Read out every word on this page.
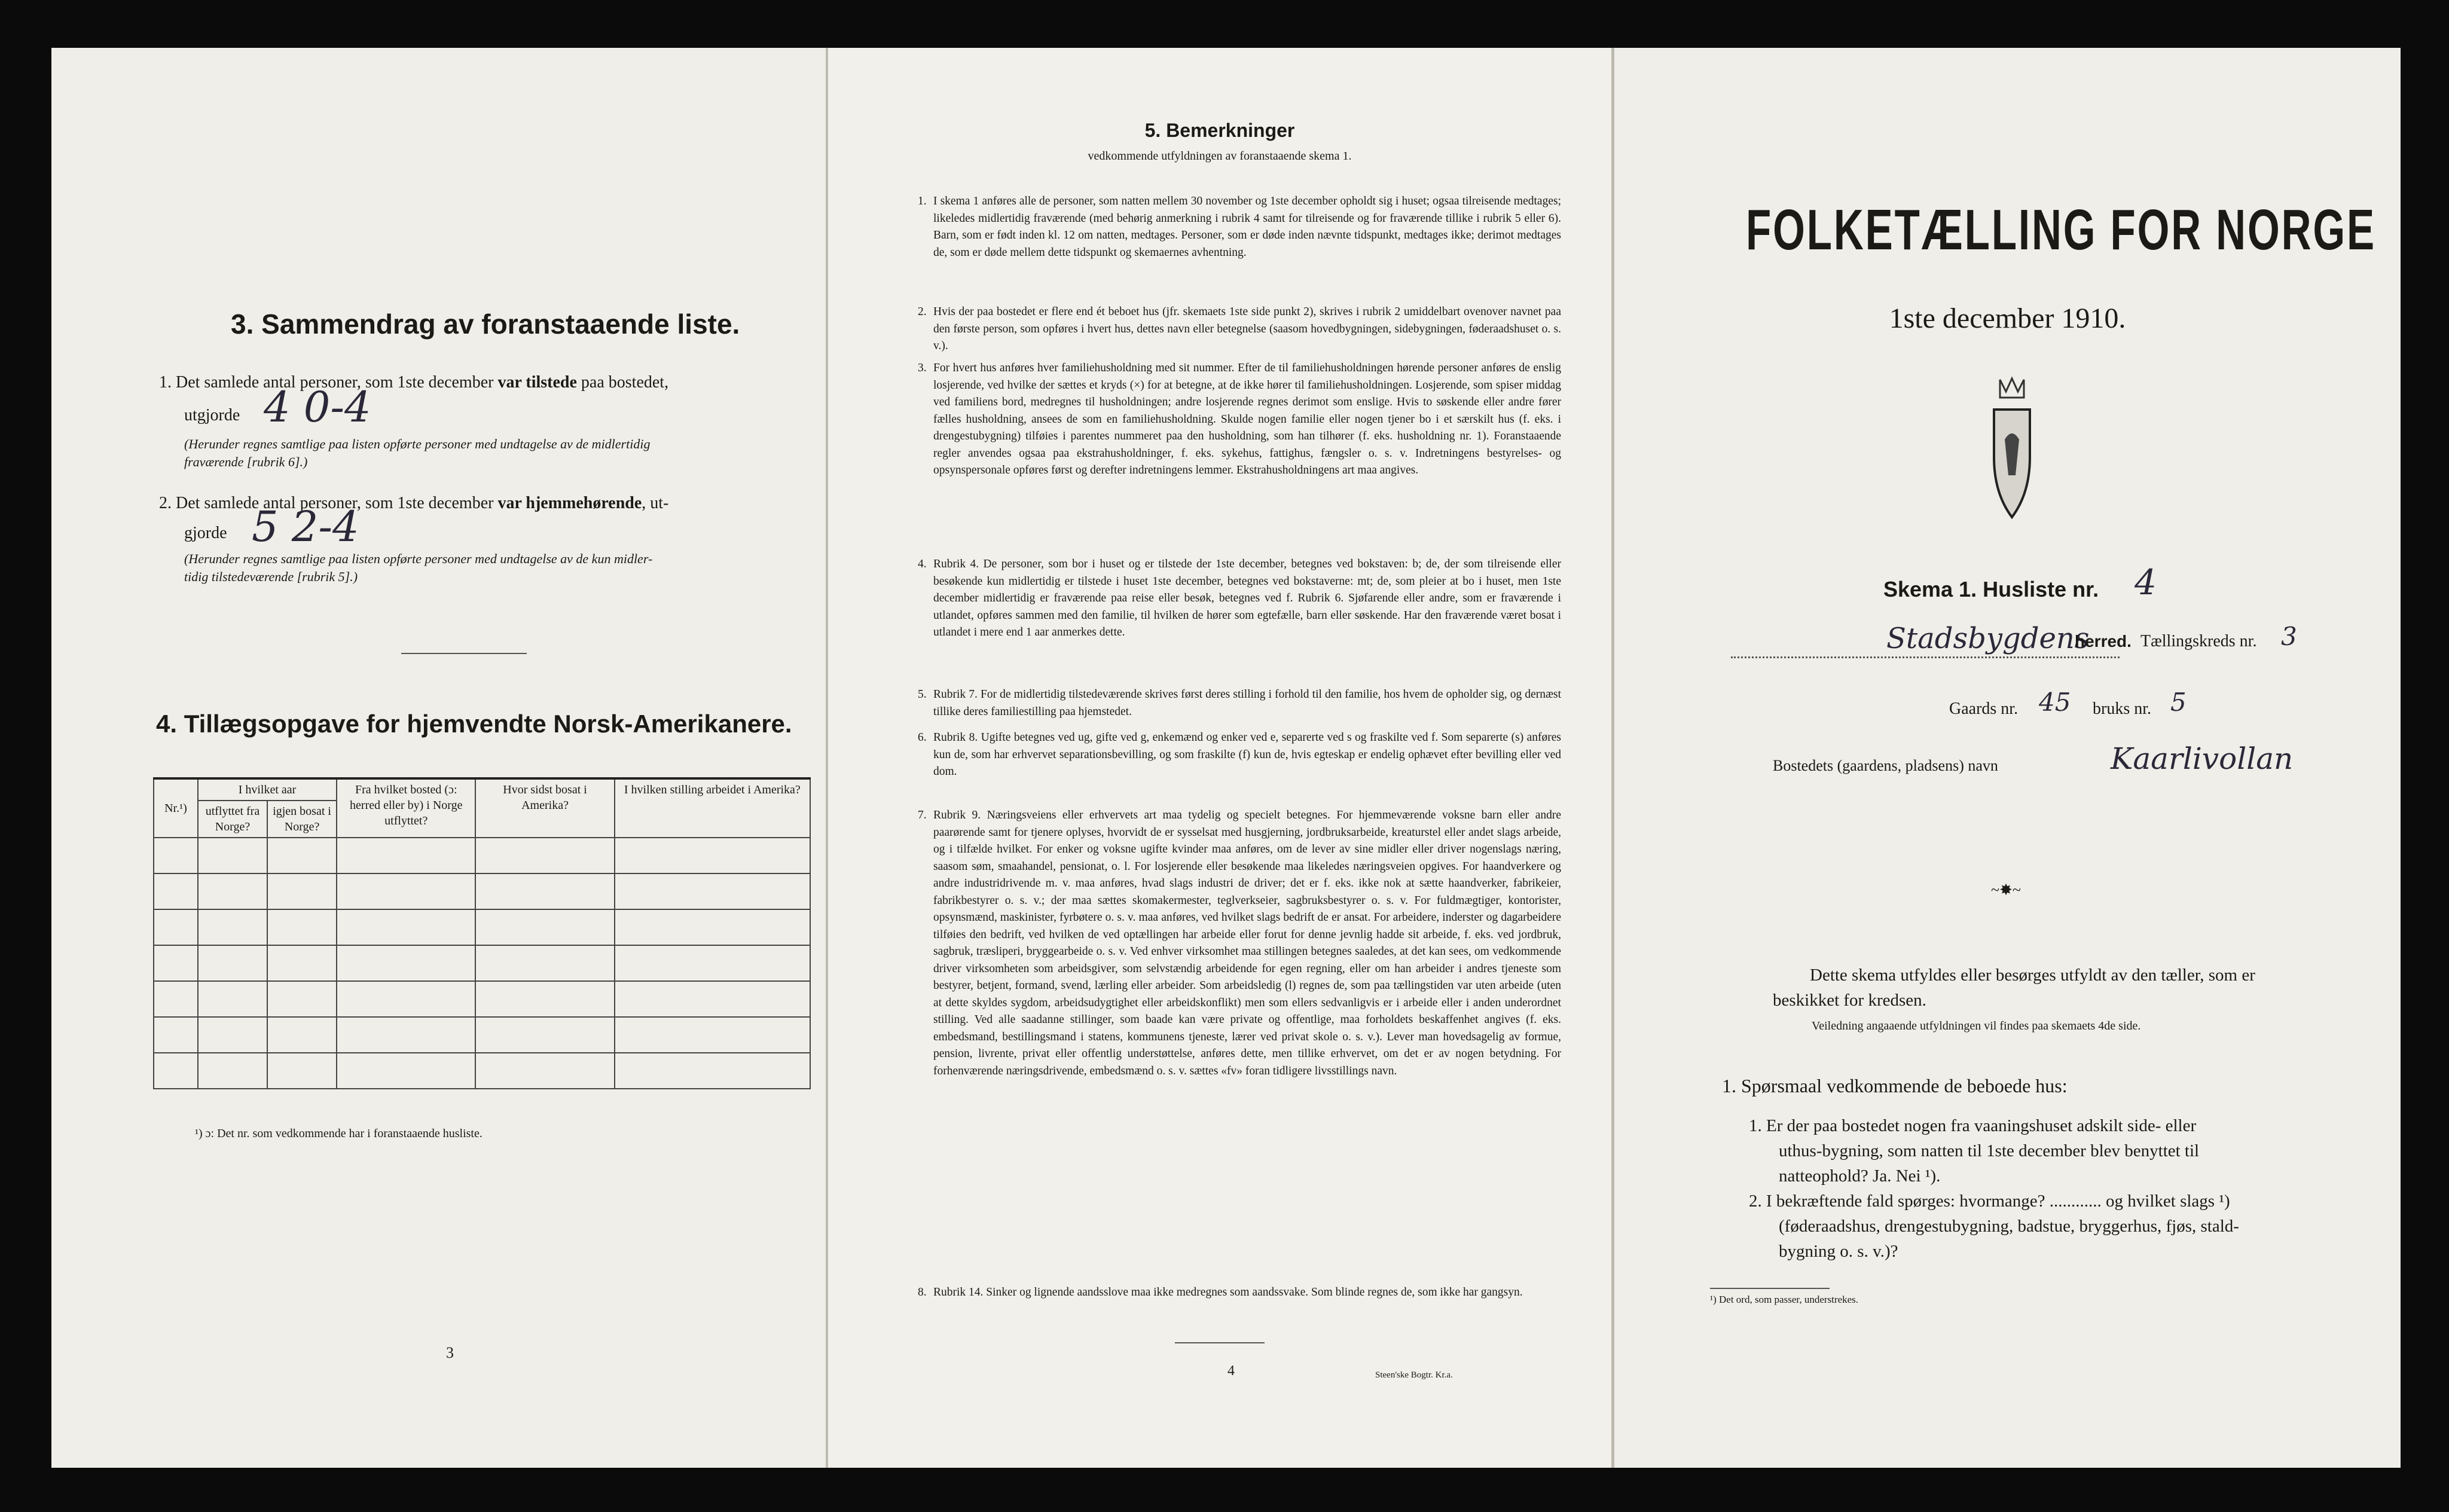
3. Sammendrag av foranstaaende liste.
1. Det samlede antal personer, som 1ste december var tilstede paa bostedet,
utgjorde 4 0-4
(Herunder regnes samtlige paa listen opførte personer med undtagelse av de midlertidig
fraværende [rubrik 6].)
2. Det samlede antal personer, som 1ste december var hjemmehørende, ut-
gjorde 5 2-4
(Herunder regnes samtlige paa listen opførte personer med undtagelse av de kun midler-
tidig tilstedeværende [rubrik 5].)
4. Tillægsopgave for hjemvendte Norsk-Amerikanere.
Nr.¹)	I hvilket aar		Fra hvilket bosted (ɔ: herred eller by) i Norge utflyttet?	Hvor sidst bosat i Amerika?	I hvilken stilling arbeidet i Amerika?
	utflyttet fra Norge?	igjen bosat i Norge?			

¹) ɔ: Det nr. som vedkommende har i foranstaaende husliste.
3
5. Bemerkninger
vedkommende utfyldningen av foranstaaende skema 1.
1. I skema 1 anføres alle de personer, som natten mellem 30 november og 1ste december opholdt sig i huset; ogsaa tilreisende medtages; likeledes midlertidig fraværende (med behørig anmerkning i rubrik 4 samt for tilreisende og for fraværende tillike i rubrik 5 eller 6). Barn, som er født inden kl. 12 om natten, medtages. Personer, som er døde inden nævnte tidspunkt, medtages ikke; derimot medtages de, som er døde mellem dette tidspunkt og skemaernes avhentning.
2. Hvis der paa bostedet er flere end ét beboet hus (jfr. skemaets 1ste side punkt 2), skrives i rubrik 2 umiddelbart ovenover navnet paa den første person, som opføres i hvert hus, dettes navn eller betegnelse (saasom hovedbygningen, sidebygningen, føderaadshuset o. s. v.).
3. For hvert hus anføres hver familiehusholdning med sit nummer. Efter de til familiehusholdningen hørende personer anføres de enslig losjerende, ved hvilke der sættes et kryds (×) for at betegne, at de ikke hører til familiehusholdningen. Losjerende, som spiser middag ved familiens bord, medregnes til husholdningen; andre losjerende regnes derimot som enslige. Hvis to søskende eller andre fører fælles husholdning, ansees de som en familiehusholdning. Skulde nogen familie eller nogen tjener bo i et særskilt hus (f. eks. i drengestubygning) tilføies i parentes nummeret paa den husholdning, som han tilhører (f. eks. husholdning nr. 1). Foranstaaende regler anvendes ogsaa paa ekstrahusholdninger, f. eks. sykehus, fattighus, fængsler o. s. v. Indretningens bestyrelses- og opsynspersonale opføres først og derefter indretningens lemmer. Ekstrahusholdningens art maa angives.
4. Rubrik 4. De personer, som bor i huset og er tilstede der 1ste december, betegnes ved bokstaven: b; de, der som tilreisende eller besøkende kun midlertidig er tilstede i huset 1ste december, betegnes ved bokstaverne: mt; de, som pleier at bo i huset, men 1ste december midlertidig er fraværende paa reise eller besøk, betegnes ved f. Rubrik 6. Sjøfarende eller andre, som er fraværende i utlandet, opføres sammen med den familie, til hvilken de hører som egtefælle, barn eller søskende. Har den fraværende været bosat i utlandet i mere end 1 aar anmerkes dette.
5. Rubrik 7. For de midlertidig tilstedeværende skrives først deres stilling i forhold til den familie, hos hvem de opholder sig, og dernæst tillike deres familiestilling paa hjemstedet.
6. Rubrik 8. Ugifte betegnes ved ug, gifte ved g, enkemænd og enker ved e, separerte ved s og fraskilte ved f. Som separerte (s) anføres kun de, som har erhvervet separationsbevilling, og som fraskilte (f) kun de, hvis egteskap er endelig ophævet efter bevilling eller ved dom.
7. Rubrik 9. Næringsveiens eller erhvervets art maa tydelig og specielt betegnes. For hjemmeværende voksne barn eller andre paarørende samt for tjenere oplyses, hvorvidt de er sysselsat med husgjerning, jordbruksarbeide, kreaturstel eller andet slags arbeide, og i tilfælde hvilket. For enker og voksne ugifte kvinder maa anføres, om de lever av sine midler eller driver nogenslags næring, saasom søm, smaahandel, pensionat, o. l. For losjerende eller besøkende maa likeledes næringsveien opgives. For haandverkere og andre industridrivende m. v. maa anføres, hvad slags industri de driver; det er f. eks. ikke nok at sætte haandverker, fabrikeier, fabrikbestyrer o. s. v.; der maa sættes skomakermester, teglverkseier, sagbruksbestyrer o. s. v. For fuldmægtiger, kontorister, opsynsmænd, maskinister, fyrbøtere o. s. v. maa anføres, ved hvilket slags bedrift de er ansat. For arbeidere, inderster og dagarbeidere tilføies den bedrift, ved hvilken de ved optællingen har arbeide eller forut for denne jevnlig hadde sit arbeide, f. eks. ved jordbruk, sagbruk, træsliperi, bryggearbeide o. s. v. Ved enhver virksomhet maa stillingen betegnes saaledes, at det kan sees, om vedkommende driver virksomheten som arbeidsgiver, som selvstændig arbeidende for egen regning, eller om han arbeider i andres tjeneste som bestyrer, betjent, formand, svend, lærling eller arbeider. Som arbeidsledig (l) regnes de, som paa tællingstiden var uten arbeide (uten at dette skyldes sygdom, arbeidsudygtighet eller arbeidskonflikt) men som ellers sedvanligvis er i arbeide eller i anden underordnet stilling. Ved alle saadanne stillinger, som baade kan være private og offentlige, maa forholdets beskaffenhet angives (f. eks. embedsmand, bestillingsmand i statens, kommunens tjeneste, lærer ved privat skole o. s. v.). Lever man hovedsagelig av formue, pension, livrente, privat eller offentlig understøttelse, anføres dette, men tillike erhvervet, om det er av nogen betydning. For forhenværende næringsdrivende, embedsmænd o. s. v. sættes «fv» foran tidligere livsstillings navn.
8. Rubrik 14. Sinker og lignende aandsslove maa ikke medregnes som aandssvake. Som blinde regnes de, som ikke har gangsyn.
4	Steen'ske Bogtr. Kr.a.
FOLKETÆLLING FOR NORGE
1ste december 1910.
Skema 1. Husliste nr. 4
Stadsbygdens
herred. Tællingskreds nr. 3
Gaards nr. 45 bruks nr. 5
Bostedets (gaardens, pladsens) navn	Kaarlivollan
~✸~
Dette skema utfyldes eller besørges utfyldt av den tæller, som er
beskikket for kredsen.
Veiledning angaaende utfyldningen vil findes paa skemaets 4de side.
1. Spørsmaal vedkommende de beboede hus:
1. Er der paa bostedet nogen fra vaaningshuset adskilt side- eller
uthus-bygning, som natten til 1ste december blev benyttet til
natteophold? Ja. Nei ¹).
2. I bekræftende fald spørges: hvormange? ............ og hvilket slags ¹)
(føderaadshus, drengestubygning, badstue, bryggerhus, fjøs, stald-
bygning o. s. v.)?
¹) Det ord, som passer, understrekes.
